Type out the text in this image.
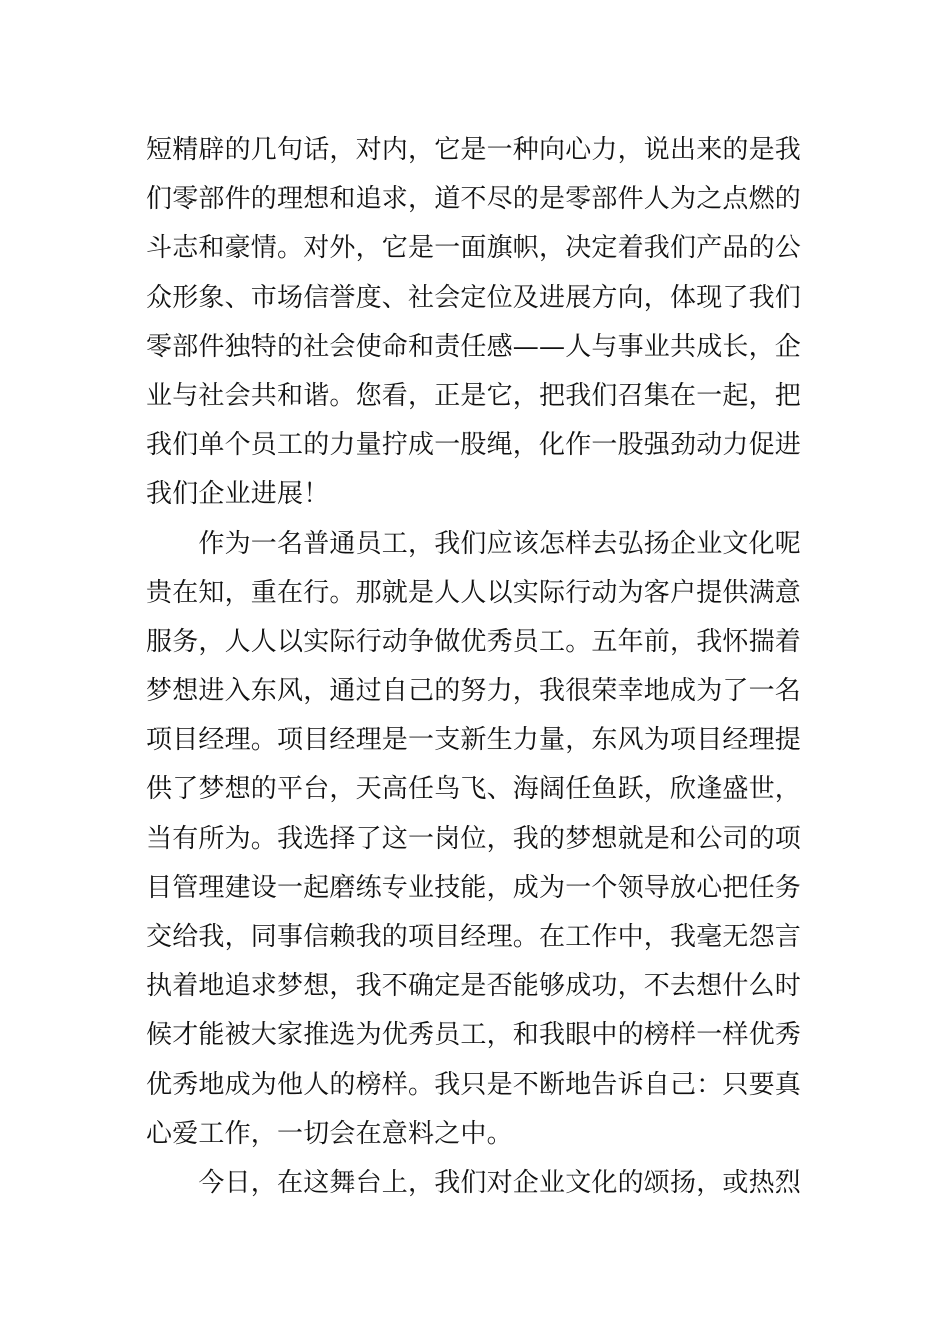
短精辟的几句话，对内，它是一种向心力，说出来的是我
们零部件的理想和追求，道不尽的是零部件人为之点燃的
斗志和豪情。对外，它是一面旗帜，决定着我们产品的公
众形象、市场信誉度、社会定位及进展方向，体现了我们
零部件独特的社会使命和责任感——人与事业共成长，企
业与社会共和谐。您看，正是它，把我们召集在一起，把
我们单个员工的力量拧成一股绳，化作一股强劲动力促进
我们企业进展！
　　作为一名普通员工，我们应该怎样去弘扬企业文化呢
贵在知，重在行。那就是人人以实际行动为客户提供满意
服务，人人以实际行动争做优秀员工。五年前，我怀揣着
梦想进入东风，通过自己的努力，我很荣幸地成为了一名
项目经理。项目经理是一支新生力量，东风为项目经理提
供了梦想的平台，天高任鸟飞、海阔任鱼跃，欣逢盛世，
当有所为。我选择了这一岗位，我的梦想就是和公司的项
目管理建设一起磨练专业技能，成为一个领导放心把任务
交给我，同事信赖我的项目经理。在工作中，我毫无怨言
执着地追求梦想，我不确定是否能够成功，不去想什么时
候才能被大家推选为优秀员工，和我眼中的榜样一样优秀
优秀地成为他人的榜样。我只是不断地告诉自己：只要真
心爱工作，一切会在意料之中。
　　今日，在这舞台上，我们对企业文化的颂扬，或热烈
